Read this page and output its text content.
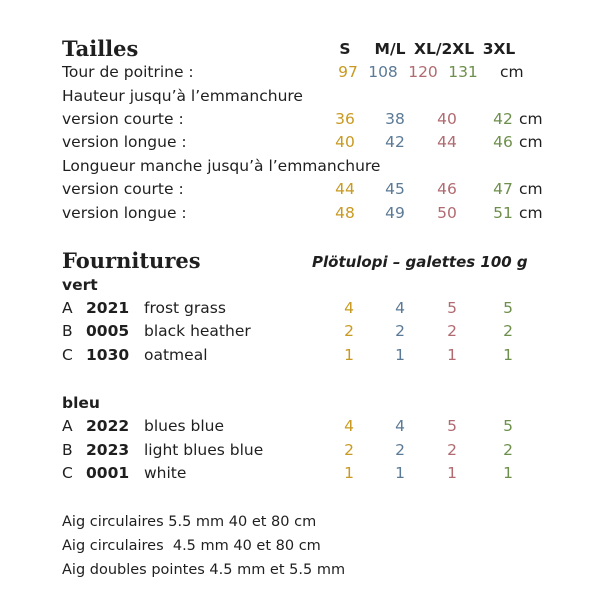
Tailles	S	M/L XL/2XL 3XL
Tour de poitrine :	97 108 120 131	cm
Hauteur jusqu’à l’emmanchure
version courte :	36	38	40	42 cm
version longue :	40	42	44	46 cm
Longueur manche jusqu’à l’emmanchure
version courte :	44	45	46	47 cm
version longue :	48	49	50	51 cm
Fournitures	Plötulopi – galettes 100 g
vert
A 2021 frost grass	4	4	5	5
B 0005 black heather	2	2	2	2
C 1030 oatmeal	1	1	1	1
bleu
A 2022 blues blue	4	4	5	5
B 2023 light blues blue	2	2	2	2
C 0001 white	1	1	1	1
Aig circulaires 5.5 mm 40 et 80 cm
Aig circulaires  4.5 mm 40 et 80 cm
Aig doubles pointes 4.5 mm et 5.5 mm
